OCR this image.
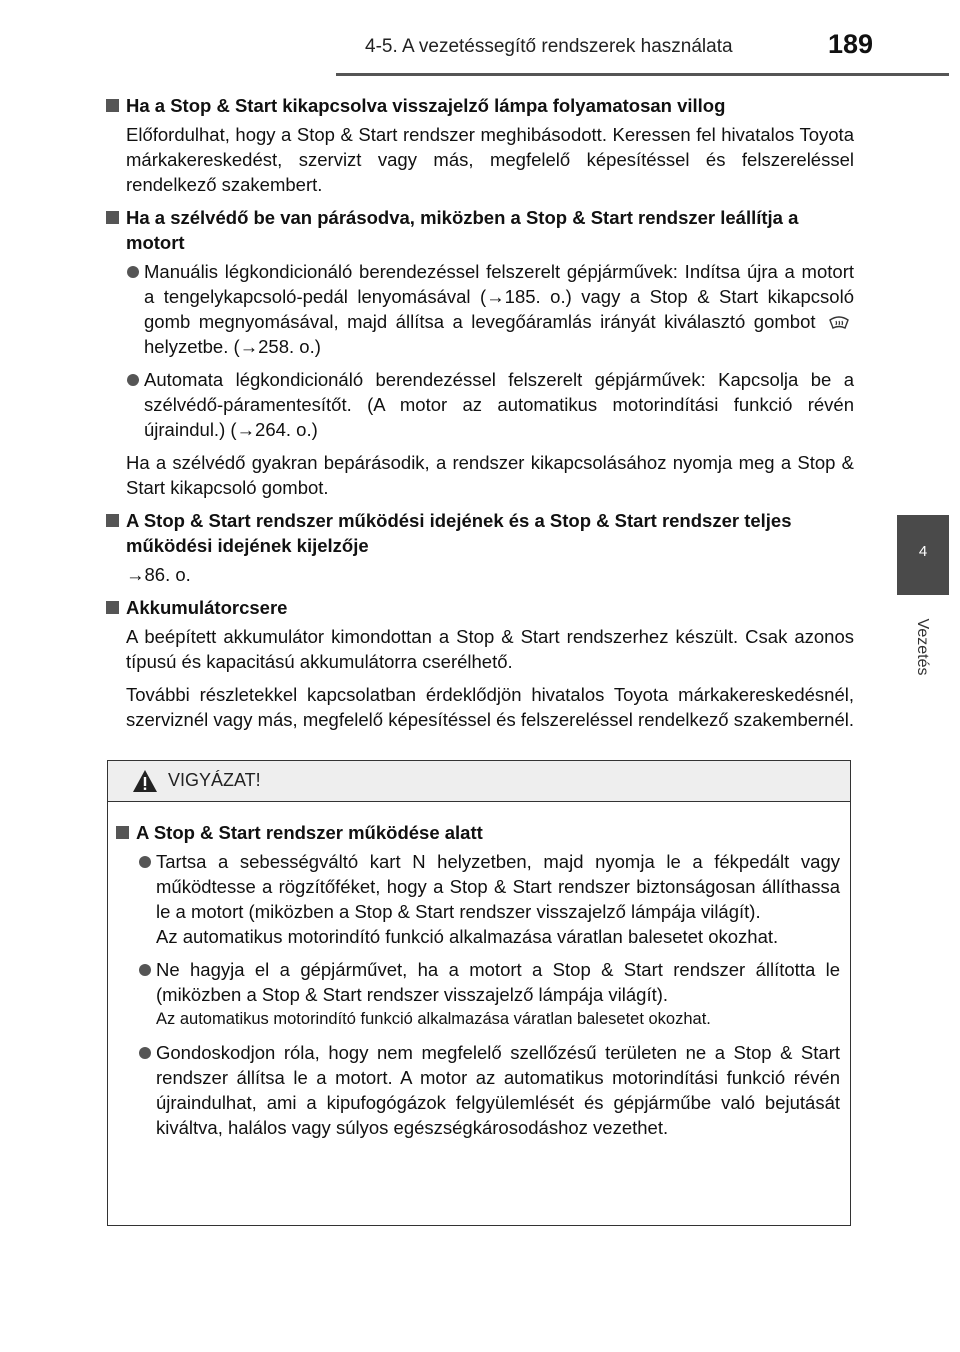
4-5. A vezetéssegítő rendszerek használata	189
4
Vezetés
Ha a Stop & Start kikapcsolva visszajelző lámpa folyamatosan villog
Előfordulhat, hogy a Stop & Start rendszer meghibásodott. Keressen fel hivatalos Toyota márkakereskedést, szervizt vagy más, megfelelő képesítéssel és felszereléssel rendelkező szakembert.
Ha a szélvédő be van párásodva, miközben a Stop & Start rendszer leállítja a motort
Manuális légkondicionáló berendezéssel felszerelt gépjárművek: Indítsa újra a motort a tengelykapcsoló-pedál lenyomásával (→185. o.) vagy a Stop & Start kikapcsoló gomb megnyomásával, majd állítsa a levegőáramlás irányát kiválasztó gombot  helyzetbe. (→258. o.)
Automata légkondicionáló berendezéssel felszerelt gépjárművek: Kapcsolja be a szélvédő-páramentesítőt. (A motor az automatikus motorindítási funkció révén újraindul.) (→264. o.)
Ha a szélvédő gyakran bepárásodik, a rendszer kikapcsolásához nyomja meg a Stop & Start kikapcsoló gombot.
A Stop & Start rendszer működési idejének és a Stop & Start rendszer teljes működési idejének kijelzője
→86. o.
Akkumulátorcsere
A beépített akkumulátor kimondottan a Stop & Start rendszerhez készült. Csak azonos típusú és kapacitású akkumulátorra cserélhető.
További részletekkel kapcsolatban érdeklődjön hivatalos Toyota márkakereskedésnél, szerviznél vagy más, megfelelő képesítéssel és felszereléssel rendelkező szakembernél.
VIGYÁZAT!
A Stop & Start rendszer működése alatt
Tartsa a sebességváltó kart N helyzetben, majd nyomja le a fékpedált vagy működtesse a rögzítőféket, hogy a Stop & Start rendszer biztonságosan állíthassa le a motort (miközben a Stop & Start rendszer visszajelző lámpája világít).
Az automatikus motorindító funkció alkalmazása váratlan balesetet okozhat.
Ne hagyja el a gépjárművet, ha a motort a Stop & Start rendszer állította le (miközben a Stop & Start rendszer visszajelző lámpája világít).
Az automatikus motorindító funkció alkalmazása váratlan balesetet okozhat.
Gondoskodjon róla, hogy nem megfelelő szellőzésű területen ne a Stop & Start rendszer állítsa le a motort. A motor az automatikus motorindítási funkció révén újraindulhat, ami a kipufogógázok felgyülemlését és gépjárműbe való bejutását kiváltva, halálos vagy súlyos egészségkárosodáshoz vezethet.
